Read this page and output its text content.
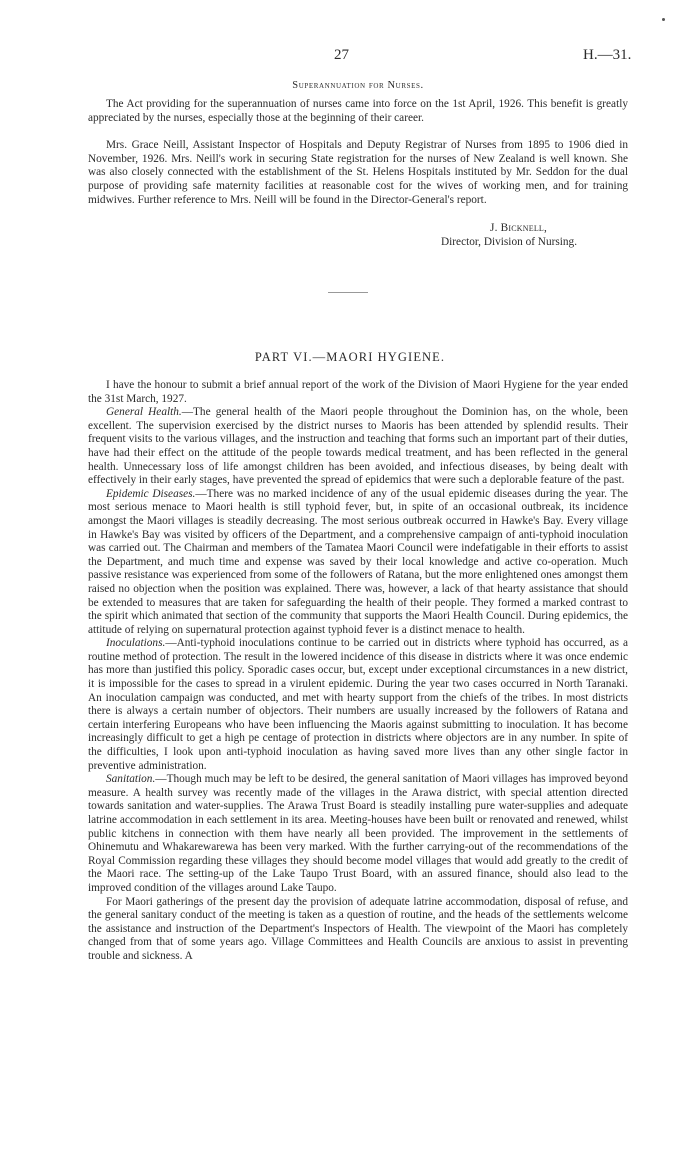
27	H.—31.
Superannuation for Nurses.

The Act providing for the superannuation of nurses came into force on the 1st April, 1926. This benefit is greatly appreciated by the nurses, especially those at the beginning of their career.

Mrs. Grace Neill, Assistant Inspector of Hospitals and Deputy Registrar of Nurses from 1895 to 1906 died in November, 1926. Mrs. Neill's work in securing State registration for the nurses of New Zealand is well known. She was also closely connected with the establishment of the St. Helens Hospitals instituted by Mr. Seddon for the dual purpose of providing safe maternity facilities at reasonable cost for the wives of working men, and for training midwives. Further reference to Mrs. Neill will be found in the Director-General's report.

J. Bicknell,
Director, Division of Nursing.
PART VI.—MAORI HYGIENE.

I have the honour to submit a brief annual report of the work of the Division of Maori Hygiene for the year ended the 31st March, 1927.

General Health.—The general health of the Maori people throughout the Dominion has, on the whole, been excellent. The supervision exercised by the district nurses to Maoris has been attended by splendid results. Their frequent visits to the various villages, and the instruction and teaching that forms such an important part of their duties, have had their effect on the attitude of the people towards medical treatment, and has been reflected in the general health. Unnecessary loss of life amongst children has been avoided, and infectious diseases, by being dealt with effectively in their early stages, have prevented the spread of epidemics that were such a deplorable feature of the past.

Epidemic Diseases.—There was no marked incidence of any of the usual epidemic diseases during the year. The most serious menace to Maori health is still typhoid fever, but, in spite of an occasional outbreak, its incidence amongst the Maori villages is steadily decreasing. The most serious outbreak occurred in Hawke's Bay. Every village in Hawke's Bay was visited by officers of the Department, and a comprehensive campaign of anti-typhoid inoculation was carried out. The Chairman and members of the Tamatea Maori Council were indefatigable in their efforts to assist the Department, and much time and expense was saved by their local knowledge and active co-operation. Much passive resistance was experienced from some of the followers of Ratana, but the more enlightened ones amongst them raised no objection when the position was explained. There was, however, a lack of that hearty assistance that should be extended to measures that are taken for safeguarding the health of their people. They formed a marked contrast to the spirit which animated that section of the community that supports the Maori Health Council. During epidemics, the attitude of relying on supernatural protection against typhoid fever is a distinct menace to health.

Inoculations.—Anti-typhoid inoculations continue to be carried out in districts where typhoid has occurred, as a routine method of protection. The result in the lowered incidence of this disease in districts where it was once endemic has more than justified this policy. Sporadic cases occur, but, except under exceptional circumstances in a new district, it is impossible for the cases to spread in a virulent epidemic. During the year two cases occurred in North Taranaki. An inoculation campaign was conducted, and met with hearty support from the chiefs of the tribes. In most districts there is always a certain number of objectors. Their numbers are usually increased by the followers of Ratana and certain interfering Europeans who have been influencing the Maoris against submitting to inoculation. It has become increasingly difficult to get a high pe centage of protection in districts where objectors are in any number. In spite of the difficulties, I look upon anti-typhoid inoculation as having saved more lives than any other single factor in preventive administration.

Sanitation.—Though much may be left to be desired, the general sanitation of Maori villages has improved beyond measure. A health survey was recently made of the villages in the Arawa district, with special attention directed towards sanitation and water-supplies. The Arawa Trust Board is steadily installing pure water-supplies and adequate latrine accommodation in each settlement in its area. Meeting-houses have been built or renovated and renewed, whilst public kitchens in connection with them have nearly all been provided. The improvement in the settlements of Ohinemutu and Whakarewarewa has been very marked. With the further carrying-out of the recommendations of the Royal Commission regarding these villages they should become model villages that would add greatly to the credit of the Maori race. The setting-up of the Lake Taupo Trust Board, with an assured finance, should also lead to the improved condition of the villages around Lake Taupo.

For Maori gatherings of the present day the provision of adequate latrine accommodation, disposal of refuse, and the general sanitary conduct of the meeting is taken as a question of routine, and the heads of the settlements welcome the assistance and instruction of the Department's Inspectors of Health. The viewpoint of the Maori has completely changed from that of some years ago. Village Committees and Health Councils are anxious to assist in preventing trouble and sickness. A
